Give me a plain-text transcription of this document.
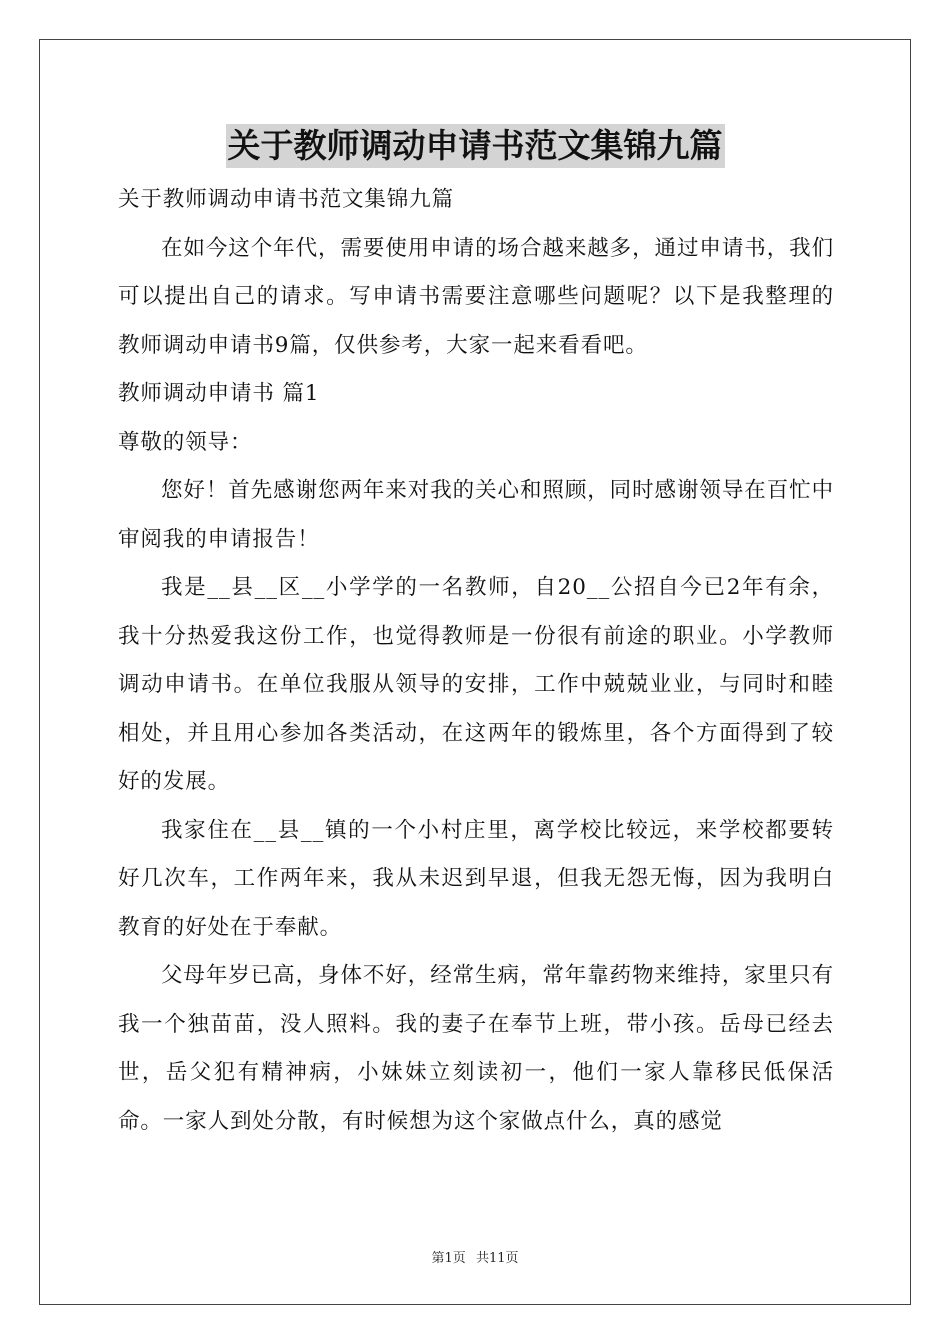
关于教师调动申请书范文集锦九篇

关于教师调动申请书范文集锦九篇

在如今这个年代，需要使用申请的场合越来越多，通过申请书，我们可以提出自己的请求。写申请书需要注意哪些问题呢？以下是我整理的教师调动申请书9篇，仅供参考，大家一起来看看吧。

教师调动申请书 篇1

尊敬的领导：

您好！首先感谢您两年来对我的关心和照顾，同时感谢领导在百忙中审阅我的申请报告！

我是__县__区__小学学的一名教师，自20__公招自今已2年有余，我十分热爱我这份工作，也觉得教师是一份很有前途的职业。小学教师调动申请书。在单位我服从领导的安排，工作中兢兢业业，与同时和睦相处，并且用心参加各类活动，在这两年的锻炼里，各个方面得到了较好的发展。

我家住在__县__镇的一个小村庄里，离学校比较远，来学校都要转好几次车，工作两年来，我从未迟到早退，但我无怨无悔，因为我明白教育的好处在于奉献。

父母年岁已高，身体不好，经常生病，常年靠药物来维持，家里只有我一个独苗苗，没人照料。我的妻子在奉节上班，带小孩。岳母已经去世，岳父犯有精神病，小妹妹立刻读初一，他们一家人靠移民低保活命。一家人到处分散，有时候想为这个家做点什么，真的感觉

第1页 共11页
